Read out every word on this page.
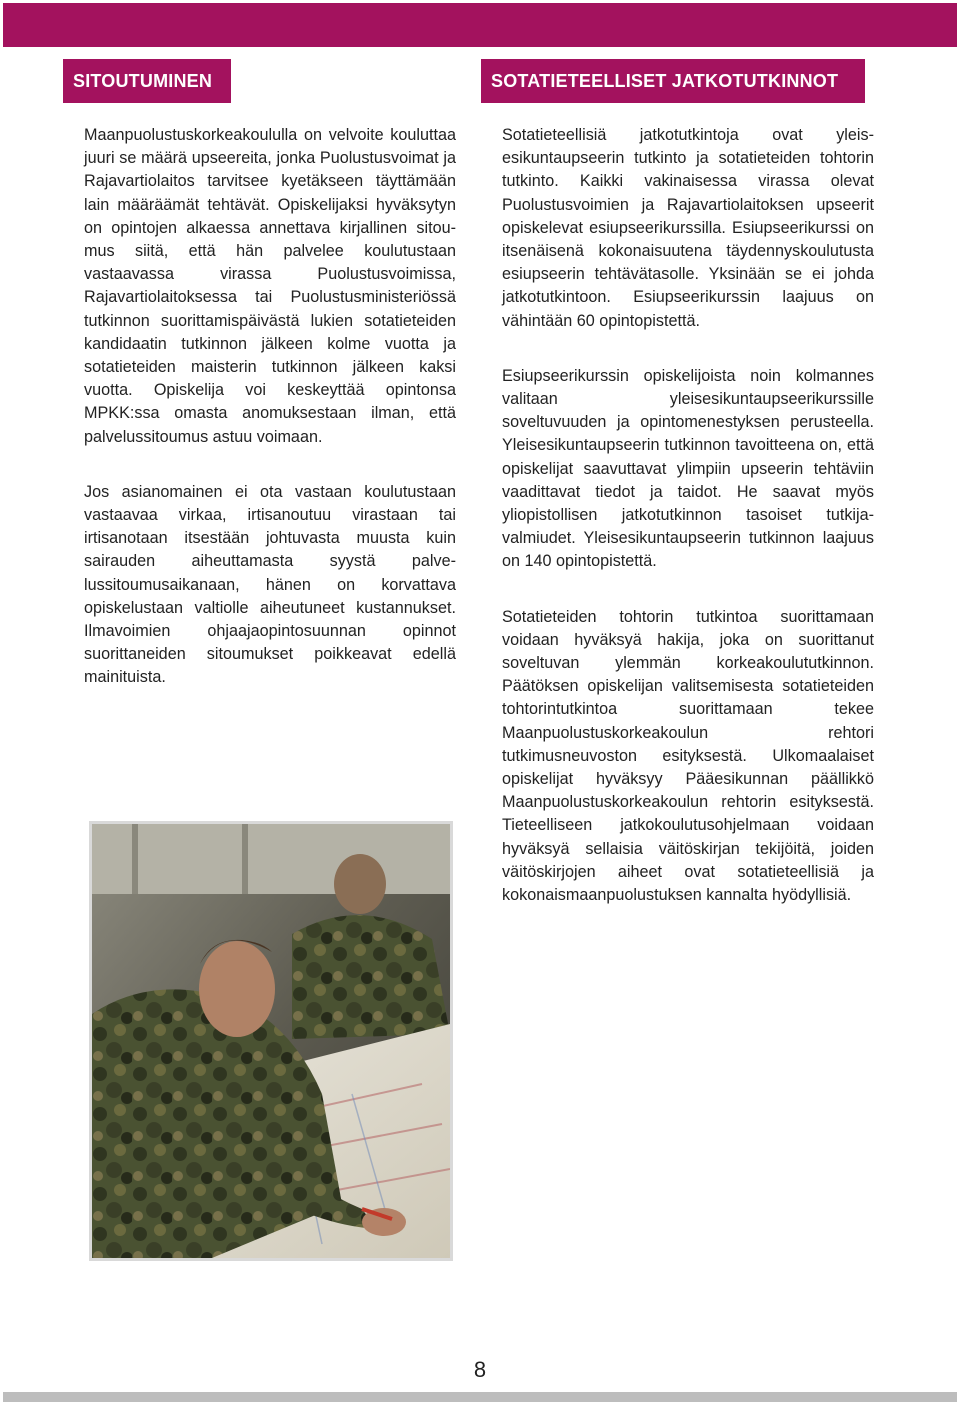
SITOUTUMINEN	SOTATIETEELLISET JATKOTUTKINNOT

Maanpuolustuskorkeakoululla on velvoite kouluttaa juuri se määrä upseereita, jonka Puolustusvoimat ja Rajavartiolaitos tarvitsee kyetäkseen täyttämään lain määräämät tehtävät. Opiskelijaksi hyväksytyn on opintojen alkaessa annettava kirjallinen sitoumus siitä, että hän palvelee koulutustaan vastaavassa virassa Puolustusvoimissa, Rajavartiolaitoksessa tai Puolustusministeriössä tutkinnon suorittamispäivästä lukien sotatieteiden kandidaatin tutkinnon jälkeen kolme vuotta ja sotatieteiden maisterin tutkinnon jälkeen kaksi vuotta. Opiskelija voi keskeyttää opintonsa MPKK:ssa omasta anomuksestaan ilman, että palvelussitoumus astuu voimaan.

Jos asianomainen ei ota vastaan koulutustaan vastaavaa virkaa, irtisanoutuu virastaan tai irtisanotaan itsestään johtuvasta muusta kuin sairauden aiheuttamasta syystä palvelussitoumusaikanaan, hänen on korvattava opiskelustaan valtiolle aiheutuneet kustannukset. Ilmavoimien ohjaajaopintosuunnan opinnot suorittaneiden sitoumukset poikkeavat edellä mainituista.

Sotatieteellisiä jatkotutkintoja ovat yleisesikuntaupseerin tutkinto ja sotatieteiden tohtorin tutkinto. Kaikki vakinaisessa virassa olevat Puolustusvoimien ja Rajavartiolaitoksen upseerit opiskelevat esiupseerikurssilla. Esiupseerikurssi on itsenäisenä kokonaisuutena täydennyskoulutusta esiupseerin tehtävätasolle. Yksinään se ei johda jatkotutkintoon. Esiupseerikurssin laajuus on vähintään 60 opintopistettä.

Esiupseerikurssin opiskelijoista noin kolmannes valitaan yleisesikuntaupseerikurssille soveltuvuuden ja opintomenestyksen perusteella. Yleisesikuntaupseerin tutkinnon tavoitteena on, että opiskelijat saavuttavat ylimpiin upseerin tehtäviin vaadittavat tiedot ja taidot. He saavat myös yliopistollisen jatkotutkinnon tasoiset tutkijavalmiudet. Yleisesikuntaupseerin tutkinnon laajuus on 140 opintopistettä.

Sotatieteiden tohtorin tutkintoa suorittamaan voidaan hyväksyä hakija, joka on suorittanut soveltuvan ylemmän korkeakoulututkinnon. Päätöksen opiskelijan valitsemisesta sotatieteiden tohtorintutkintoa suorittamaan tekee Maanpuolustuskorkeakoulun rehtori tutkimusneuvoston esityksestä. Ulkomaalaiset opiskelijat hyväksyy Pääesikunnan päällikkö Maanpuolustuskorkeakoulun rehtorin esityksestä. Tieteelliseen jatkokoulutusohjelmaan voidaan hyväksyä sellaisia väitöskirjan tekijöitä, joiden väitöskirjojen aiheet ovat sotatieteellisiä ja kokonaismaanpuolustuksen kannalta hyödyllisiä.

8
